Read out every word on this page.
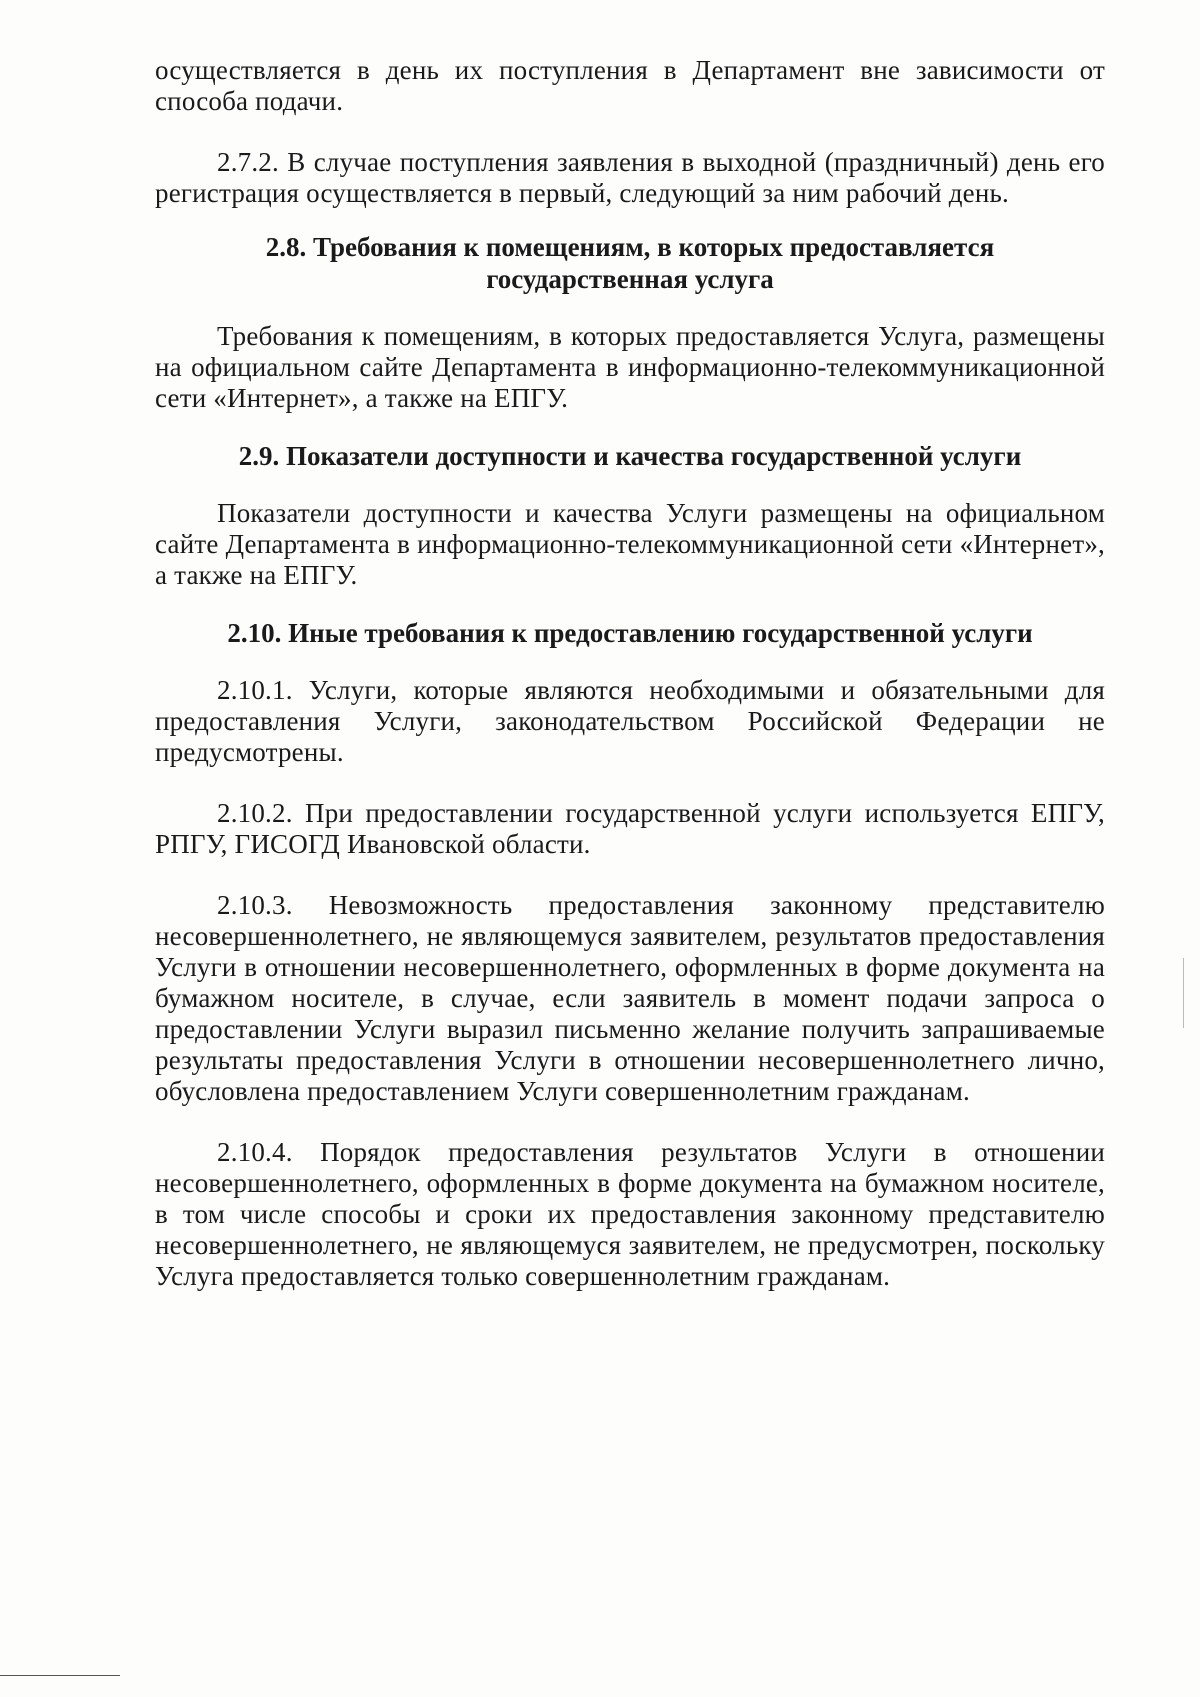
осуществляется в день их поступления в Департамент вне зависимости от способа подачи.

2.7.2. В случае поступления заявления в выходной (праздничный) день его регистрация осуществляется в первый, следующий за ним рабочий день.

2.8. Требования к помещениям, в которых предоставляется
государственная услуга

Требования к помещениям, в которых предоставляется Услуга, размещены на официальном сайте Департамента в информационно-телекоммуникационной сети «Интернет», а также на ЕПГУ.

2.9. Показатели доступности и качества государственной услуги

Показатели доступности и качества Услуги размещены на официальном сайте Департамента в информационно-телекоммуникационной сети «Интернет», а также на ЕПГУ.

2.10. Иные требования к предоставлению государственной услуги

2.10.1. Услуги, которые являются необходимыми и обязательными для предоставления Услуги, законодательством Российской Федерации не предусмотрены.

2.10.2. При предоставлении государственной услуги используется ЕПГУ, РПГУ, ГИСОГД Ивановской области.

2.10.3. Невозможность предоставления законному представителю несовершеннолетнего, не являющемуся заявителем, результатов предоставления Услуги в отношении несовершеннолетнего, оформленных в форме документа на бумажном носителе, в случае, если заявитель в момент подачи запроса о предоставлении Услуги выразил письменно желание получить запрашиваемые результаты предоставления Услуги в отношении несовершеннолетнего лично, обусловлена предоставлением Услуги совершеннолетним гражданам.

2.10.4. Порядок предоставления результатов Услуги в отношении несовершеннолетнего, оформленных в форме документа на бумажном носителе, в том числе способы и сроки их предоставления законному представителю несовершеннолетнего, не являющемуся заявителем, не предусмотрен, поскольку Услуга предоставляется только совершеннолетним гражданам.
